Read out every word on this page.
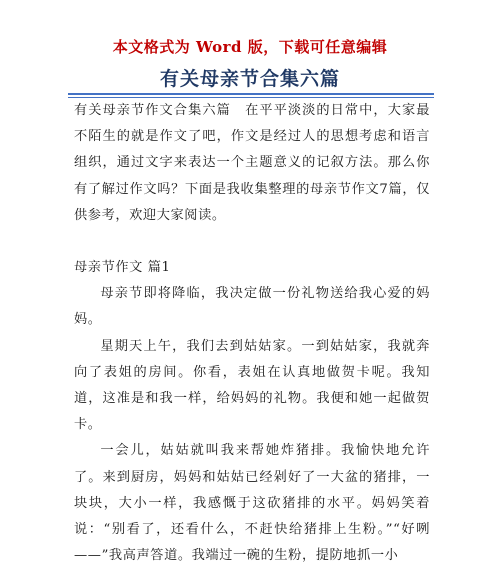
本文格式为 Word 版，下载可任意编辑
有关母亲节合集六篇

有关母亲节作文合集六篇　在平平淡淡的日常中，大家最不陌生的就是作文了吧，作文是经过人的思想考虑和语言组织，通过文字来表达一个主题意义的记叙方法。那么你有了解过作文吗？下面是我收集整理的母亲节作文7篇，仅供参考，欢迎大家阅读。

母亲节作文 篇1

母亲节即将降临，我决定做一份礼物送给我心爱的妈妈。

星期天上午，我们去到姑姑家。一到姑姑家，我就奔向了表姐的房间。你看，表姐在认真地做贺卡呢。我知道，这准是和我一样，给妈妈的礼物。我便和她一起做贺卡。

一会儿，姑姑就叫我来帮她炸猪排。我愉快地允许了。来到厨房，妈妈和姑姑已经剁好了一大盆的猪排，一块块，大小一样，我感慨于这砍猪排的水平。妈妈笑着说：“别看了，还看什么，不赶快给猪排上生粉。”“好咧——”我高声答道。我端过一碗的生粉，提防地抓一小
